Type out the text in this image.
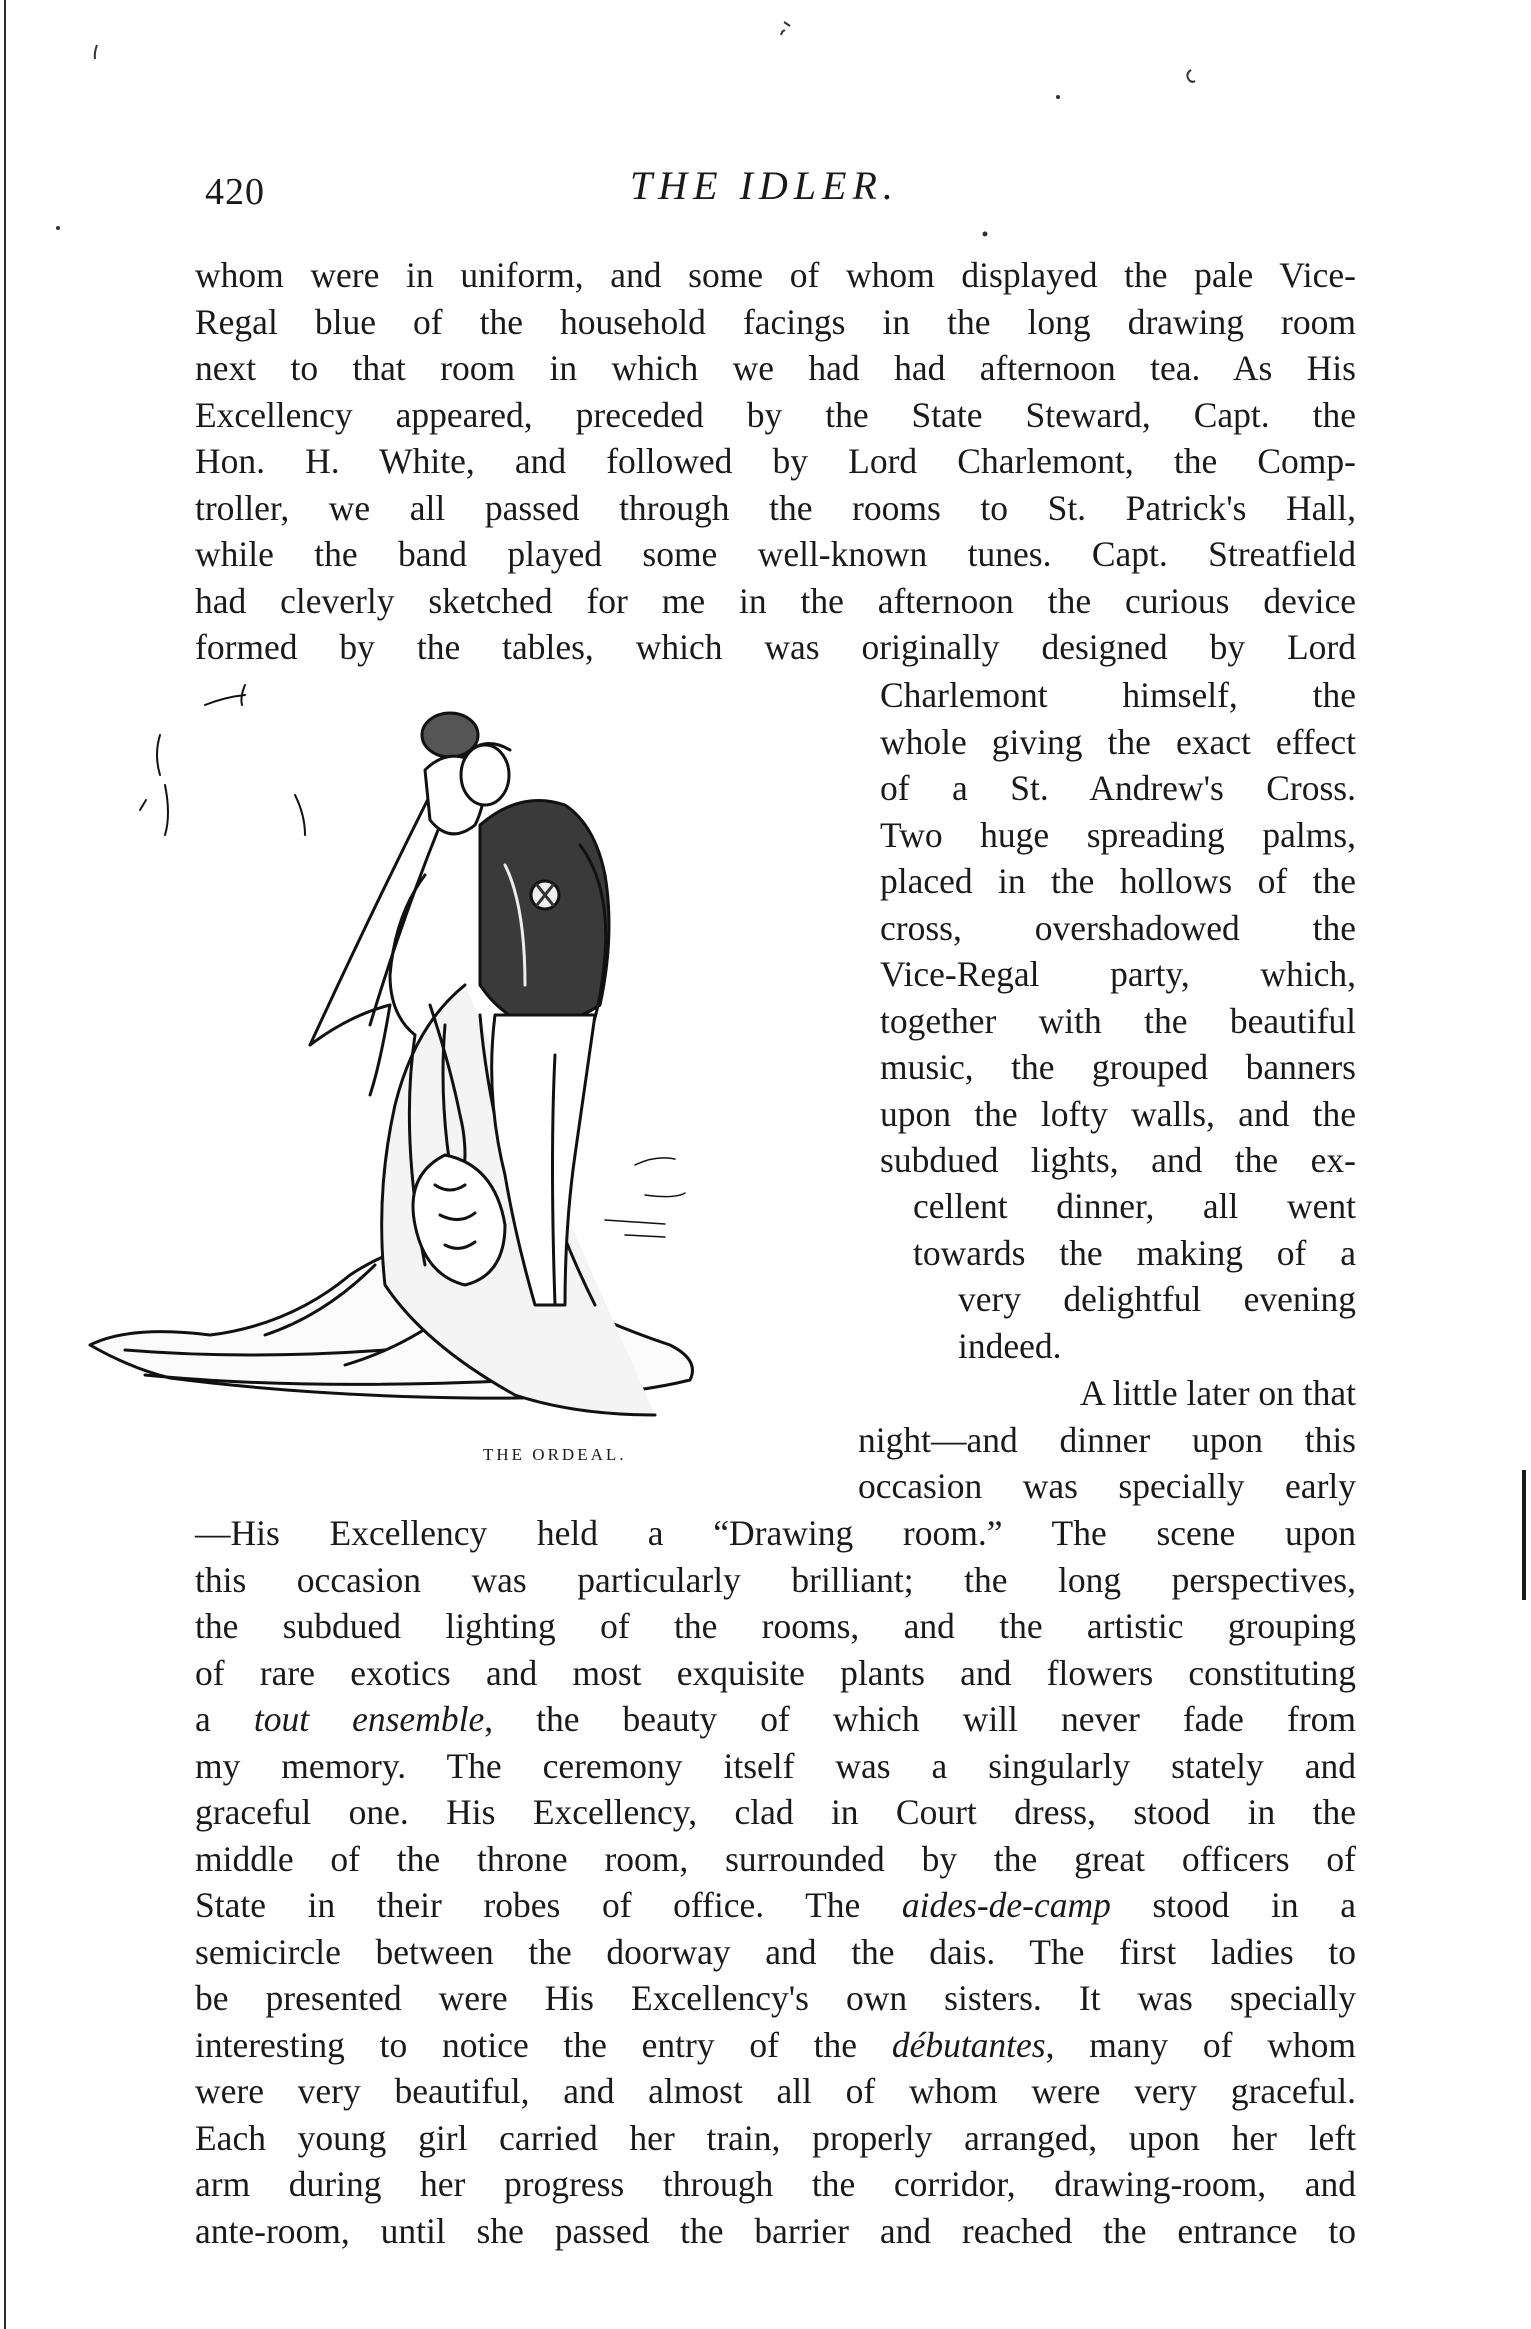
420	THE IDLER.
whom were in uniform, and some of whom displayed the pale Vice-
Regal blue of the household facings in the long drawing room
next to that room in which we had had afternoon tea. As His
Excellency appeared, preceded by the State Steward, Capt. the
Hon. H. White, and followed by Lord Charlemont, the Comp-
troller, we all passed through the rooms to St. Patrick's Hall,
while the band played some well-known tunes. Capt. Streatfield
had cleverly sketched for me in the afternoon the curious device
formed by the tables, which was originally designed by Lord
Charlemont himself, the
whole giving the exact effect
of a St. Andrew's Cross.
Two huge spreading palms,
placed in the hollows of the
cross, overshadowed the
Vice-Regal party, which,
together with the beautiful
music, the grouped banners
upon the lofty walls, and the
subdued lights, and the ex-
cellent dinner, all went
towards the making of a
very delightful evening
indeed.
A little later on that
night—and dinner upon this
occasion was specially early
—His Excellency held a “Drawing room.” The scene upon
this occasion was particularly brilliant; the long perspectives,
the subdued lighting of the rooms, and the artistic grouping
of rare exotics and most exquisite plants and flowers constituting
a tout ensemble, the beauty of which will never fade from
my memory. The ceremony itself was a singularly stately and
graceful one. His Excellency, clad in Court dress, stood in the
middle of the throne room, surrounded by the great officers of
State in their robes of office. The aides-de-camp stood in a
semicircle between the doorway and the dais. The first ladies to
be presented were His Excellency's own sisters. It was specially
interesting to notice the entry of the débutantes, many of whom
were very beautiful, and almost all of whom were very graceful.
Each young girl carried her train, properly arranged, upon her left
arm during her progress through the corridor, drawing-room, and
ante-room, until she passed the barrier and reached the entrance to
THE ORDEAL.
